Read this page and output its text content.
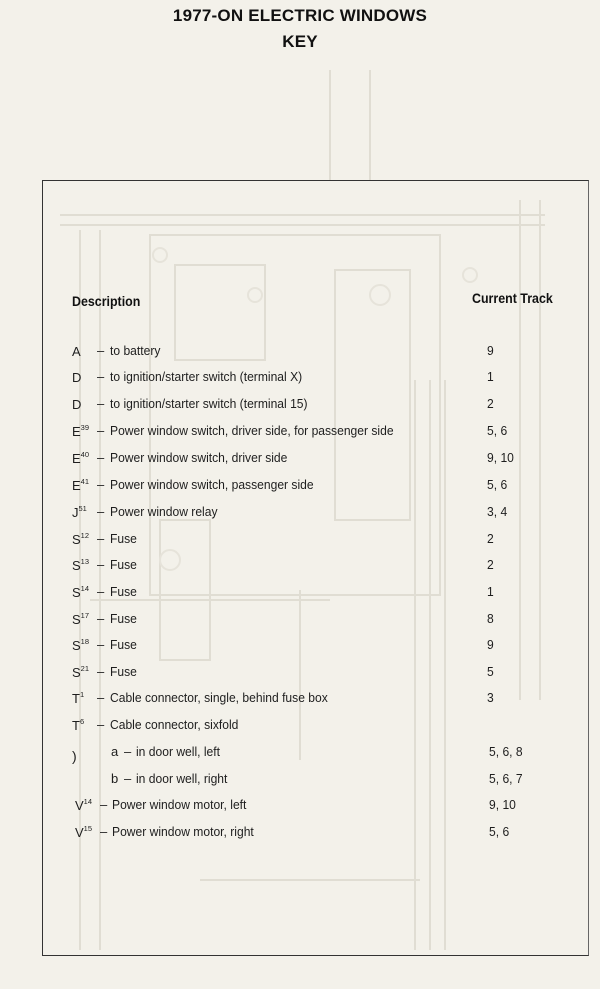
1977-ON ELECTRIC WINDOWS
KEY
Description	Current Track
A – to battery	9
D – to ignition/starter switch (terminal X)	1
D – to ignition/starter switch (terminal 15)	2
$E^{39}$ – Power window switch, driver side, for passenger side	5, 6
$E^{40}$ – Power window switch, driver side	9, 10
$E^{41}$ – Power window switch, passenger side	5, 6
$J^{51}$ – Power window relay	3, 4
$S^{12}$ – Fuse	2
$S^{13}$ – Fuse	2
$S^{14}$ – Fuse	1
$S^{17}$ – Fuse	8
$S^{18}$ – Fuse	9
$S^{21}$ – Fuse	5
$T^1$ – Cable connector, single, behind fuse box	3
$T^6$ – Cable connector, sixfold
)	a – in door well, left	5, 6, 8
b – in door well, right	5, 6, 7
$V^{14}$ – Power window motor, left	9, 10
$V^{15}$ – Power window motor, right	5, 6
